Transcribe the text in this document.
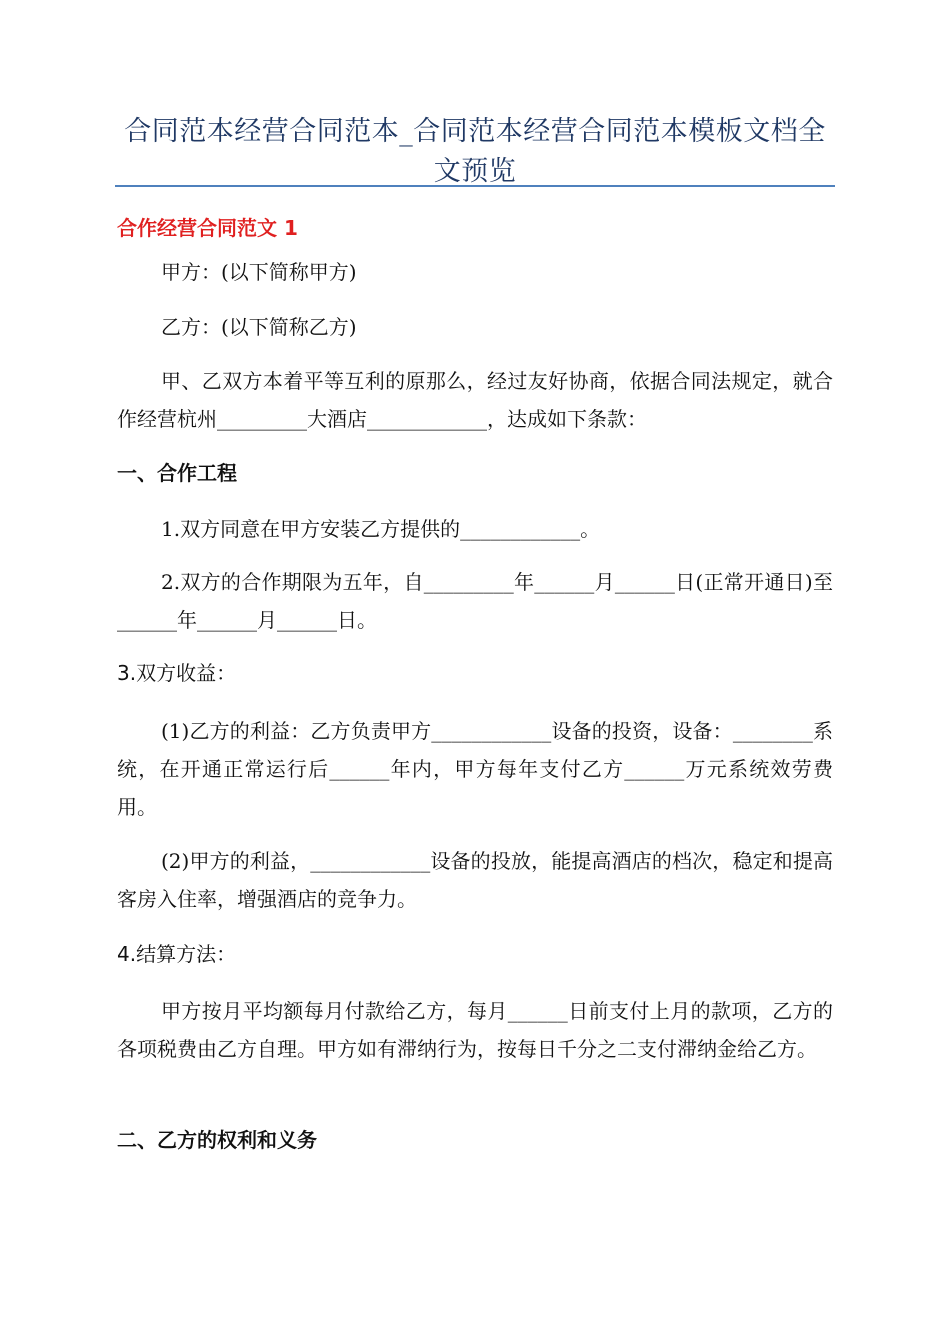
合同范本经营合同范本_合同范本经营合同范本模板文档全文预览
合作经营合同范文 1

甲方：(以下简称甲方)

乙方：(以下简称乙方)

甲、乙双方本着平等互利的原那么，经过友好协商，依据合同法规定，就合作经营杭州_________大酒店____________，达成如下条款：

一、合作工程

1.双方同意在甲方安装乙方提供的____________。

2.双方的合作期限为五年，自_________年______月______日(正常开通日)至______年______月______日。

3.双方收益：

(1)乙方的利益：乙方负责甲方____________设备的投资，设备：________系统，在开通正常运行后______年内，甲方每年支付乙方______万元系统效劳费用。

(2)甲方的利益，____________设备的投放，能提高酒店的档次，稳定和提高客房入住率，增强酒店的竞争力。

4.结算方法：

甲方按月平均额每月付款给乙方，每月______日前支付上月的款项，乙方的各项税费由乙方自理。甲方如有滞纳行为，按每日千分之二支付滞纳金给乙方。

二、乙方的权利和义务
